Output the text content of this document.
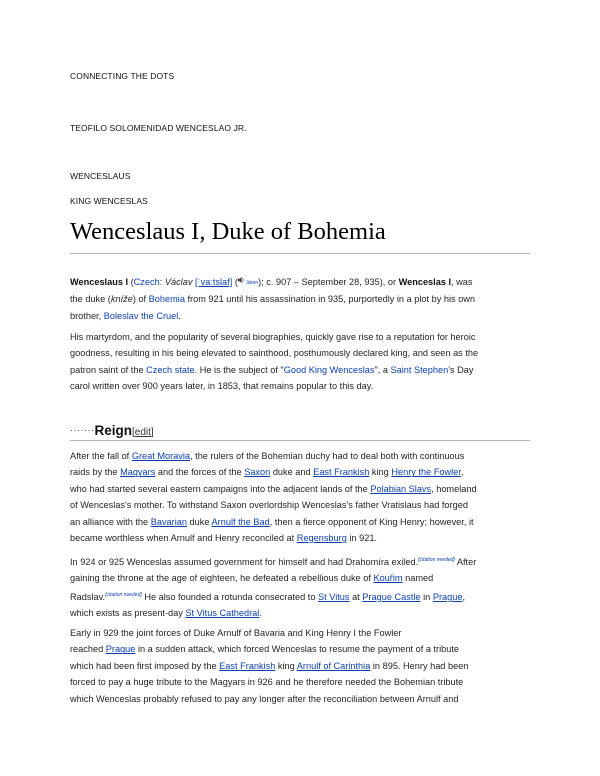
CONNECTING THE DOTS
TEOFILO SOLOMENIDAD WENCESLAO JR.
WENCESLAUS
KING WENCESLAS
Wenceslaus I, Duke of Bohemia
Wenceslaus I (Czech: Václav [ˈvaːtslaf] ( listen); c. 907 – September 28, 935), or Wenceslas I, was
the duke (kníže) of Bohemia from 921 until his assassination in 935, purportedly in a plot by his own
brother, Boleslav the Cruel.
His martyrdom, and the popularity of several biographies, quickly gave rise to a reputation for heroic
goodness, resulting in his being elevated to sainthood, posthumously declared king, and seen as the
patron saint of the Czech state. He is the subject of "Good King Wenceslas", a Saint Stephen's Day
carol written over 900 years later, in 1853, that remains popular to this day.
·······Reign[edit]
After the fall of Great Moravia, the rulers of the Bohemian duchy had to deal both with continuous
raids by the Magyars and the forces of the Saxon duke and East Frankish king Henry the Fowler,
who had started several eastern campaigns into the adjacent lands of the Polabian Slavs, homeland
of Wenceslas's mother. To withstand Saxon overlordship Wenceslas's father Vratislaus had forged
an alliance with the Bavarian duke Arnulf the Bad, then a fierce opponent of King Henry; however, it
became worthless when Arnulf and Henry reconciled at Regensburg in 921.
In 924 or 925 Wenceslas assumed government for himself and had Drahomíra exiled.[citation needed] After
gaining the throne at the age of eighteen, he defeated a rebellious duke of Kouřim named
Radslav.[citation needed] He also founded a rotunda consecrated to St Vitus at Prague Castle in Prague,
which exists as present-day St Vitus Cathedral.
Early in 929 the joint forces of Duke Arnulf of Bavaria and King Henry I the Fowler
reached Prague in a sudden attack, which forced Wenceslas to resume the payment of a tribute
which had been first imposed by the East Frankish king Arnulf of Carinthia in 895. Henry had been
forced to pay a huge tribute to the Magyars in 926 and he therefore needed the Bohemian tribute
which Wenceslas probably refused to pay any longer after the reconciliation between Arnulf and
